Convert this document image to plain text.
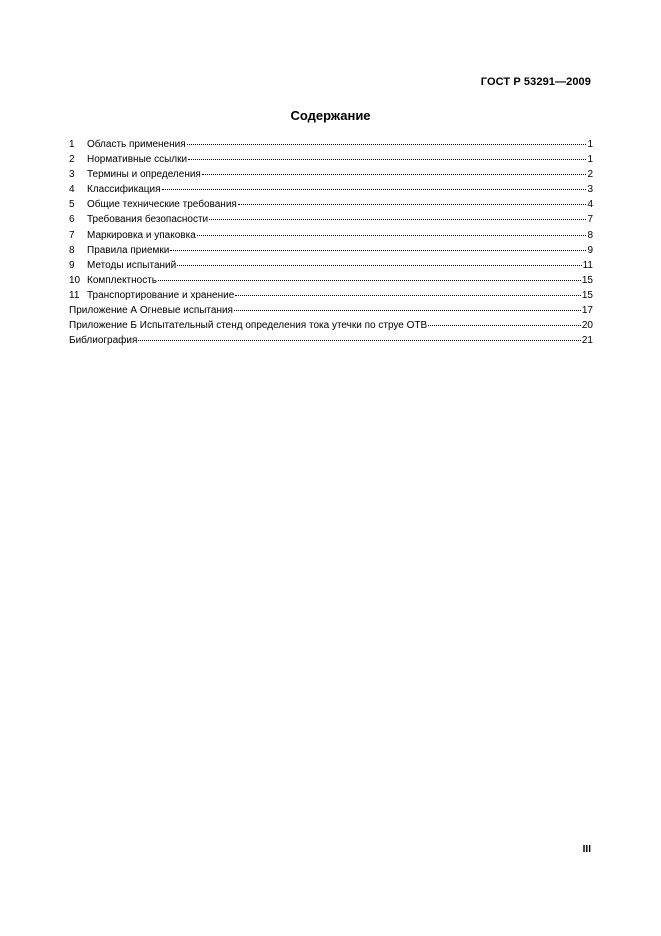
ГОСТ Р 53291—2009
Содержание
1	Область применения	1
2	Нормативные ссылки	1
3	Термины и определения	2
4	Классификация	3
5	Общие технические требования	4
6	Требования безопасности	7
7	Маркировка и упаковка	8
8	Правила приемки	9
9	Методы испытаний	11
10 Комплектность	15
11 Транспортирование и хранение	15
Приложение А Огневые испытания	17
Приложение Б Испытательный стенд определения тока утечки по струе ОТВ	20
Библиография	21
III
